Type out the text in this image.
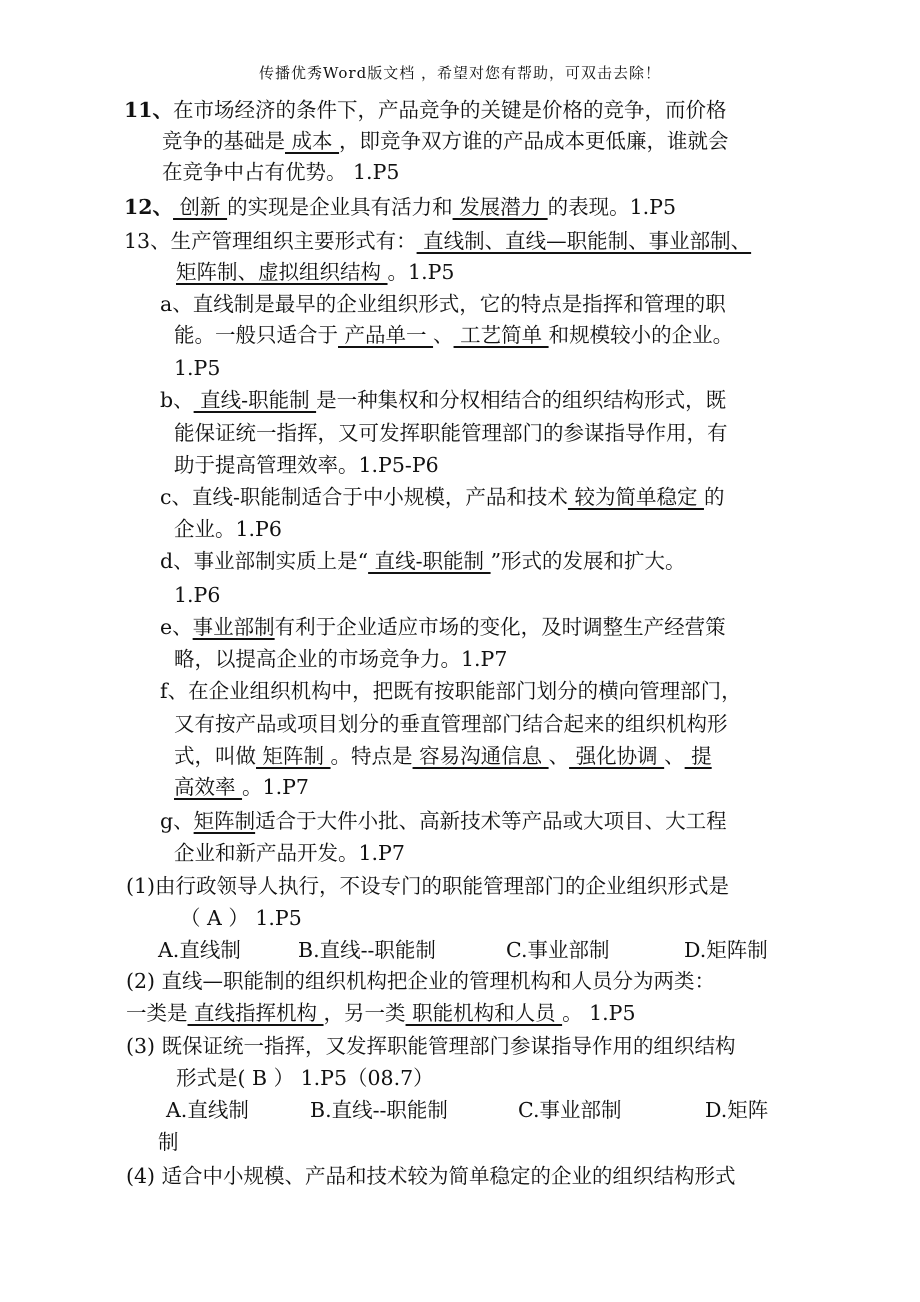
传播优秀Word版文档 ，希望对您有帮助，可双击去除！
11、在市场经济的条件下，产品竞争的关键是价格的竞争，而价格
竞争的基础是 成本 ，即竞争双方谁的产品成本更低廉，谁就会
在竞争中占有优势。 1.P5
12、 创新 的实现是企业具有活力和 发展潜力 的表现。1.P5
13、生产管理组织主要形式有： 直线制、直线—职能制、事业部制、
矩阵制、虚拟组织结构 。1.P5
a、直线制是最早的企业组织形式，它的特点是指挥和管理的职
能。一般只适合于 产品单一 、 工艺简单 和规模较小的企业。
1.P5
b、 直线-职能制 是一种集权和分权相结合的组织结构形式，既
能保证统一指挥，又可发挥职能管理部门的参谋指导作用，有
助于提高管理效率。1.P5-P6
c、直线-职能制适合于中小规模，产品和技术 较为简单稳定 的
企业。1.P6
d、事业部制实质上是“ 直线-职能制 ”形式的发展和扩大。
1.P6
e、事业部制有利于企业适应市场的变化，及时调整生产经营策
略，以提高企业的市场竞争力。1.P7
f、在企业组织机构中，把既有按职能部门划分的横向管理部门，
又有按产品或项目划分的垂直管理部门结合起来的组织机构形
式，叫做 矩阵制 。特点是 容易沟通信息 、 强化协调 、 提
高效率 。1.P7
g、矩阵制适合于大件小批、高新技术等产品或大项目、大工程
企业和新产品开发。1.P7
(1)由行政领导人执行，不设专门的职能管理部门的企业组织形式是
（ A ） 1.P5
A.直线制	B.直线--职能制	C.事业部制	D.矩阵制
(2) 直线—职能制的组织机构把企业的管理机构和人员分为两类：
一类是 直线指挥机构 ，另一类 职能机构和人员 。 1.P5
(3) 既保证统一指挥，又发挥职能管理部门参谋指导作用的组织结构
形式是( B ） 1.P5（08.7）
A.直线制	B.直线--职能制	C.事业部制	D.矩阵
制
(4) 适合中小规模、产品和技术较为简单稳定的企业的组织结构形式
